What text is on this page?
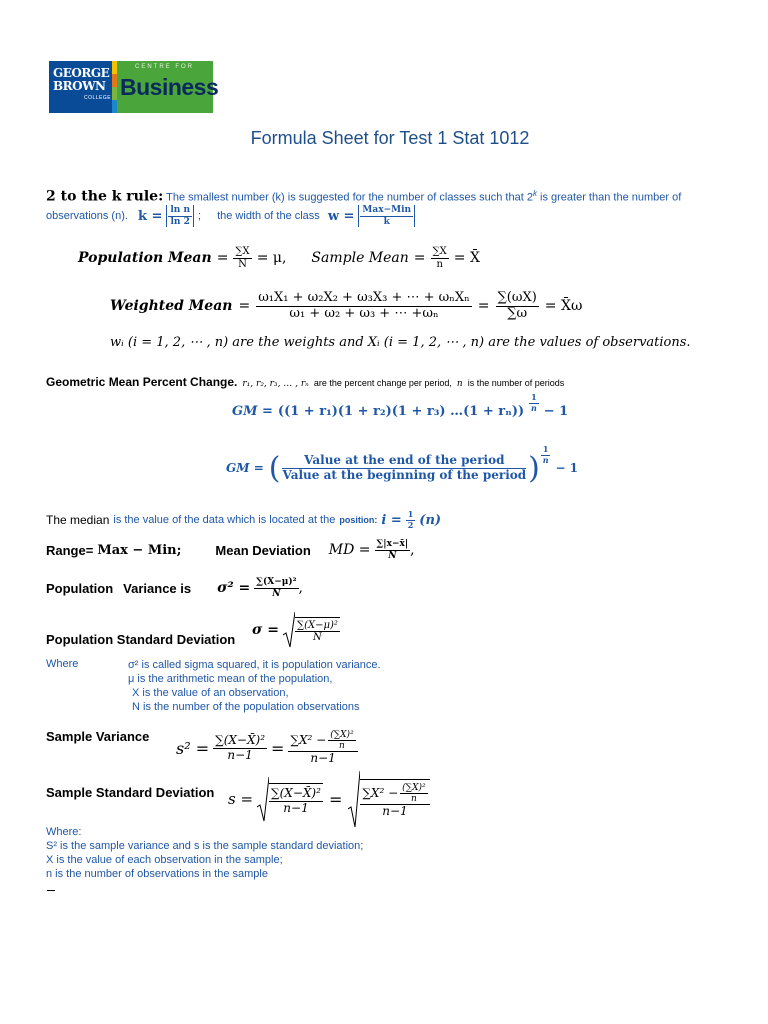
GEORGE
BROWN
COLLEGE
CENTRE FOR
Business
Formula Sheet for Test 1 Stat 1012
2 to the k rule: The smallest number (k) is suggested for the number of classes such that 2$^k$ is greater than the number of
observations (n). $k = \frac{\text{ln n}}{\ln 2}$ ; the width of the class $w = \frac{\text{Max−Min}}{k}$
Population Mean = $\frac{\sum X}{N} = \mu$, Sample Mean = $\frac{\sum X}{n}$ = X̄
Weighted Mean = $\frac{\text{ω₁X₁ + ω₂X₂ + ω₃X₃ + ⋯ + ωₙXₙ}}{\text{ω₁ + ω₂ + ω₃ + ⋯ +ωₙ}} = \frac{\sum(\omega X)}{\sum\omega}$ = X̄ω
wᵢ (i = 1, 2, ⋯ , n) are the weights and Xᵢ (i = 1, 2, ⋯ , n) are the values of observations.
Geometric Mean Percent Change. r₁, r₂, r₃, … , rₙ are the percent change per period, n is the number of periods
GM = ((1 + r₁)(1 + r₂)(1 + r₃) …(1 + $r_n)) \frac{1}{n} - 1$
GM = ( $\frac{\text{Value at the end of the period}}{\text{Value at the beginning of the period}}$ ) $\frac{1}{n}$
− 1
The median is the value of the data which is located at the position: $i = \frac{1}{2} (n)$
Range= Max − Min;	Mean Deviation MD = $\frac{\sum|x-x̄|}{N}$ ,
Population Variance is $\sigma^2 = \frac{\text{∑(X−μ)²}}{N}$ ,
Population Standard Deviation
$\sigma = \frac{\text{∑(X−μ)²}}{N}$
Where	σ² is called sigma squared, it is population variance.
μ is the arithmetic mean of the population,
X is the value of an observation,
N is the number of the population observations
Sample Variance
$s^2 = \frac{\text{∑(X−X̄)²}}{n-1} = \frac{\sum X^2 - \frac{\text{(∑X)²}}{n}}{n-1}$
Sample Standard Deviation $s = \frac{\text{∑(X−X̄)²}}{n-1} = \frac{\sum X^2 - \frac{\text{(∑X)²}}{n}}{n-1}$
Where:
S² is the sample variance and s is the sample standard deviation;
X is the value of each observation in the sample;
n is the number of observations in the sample
